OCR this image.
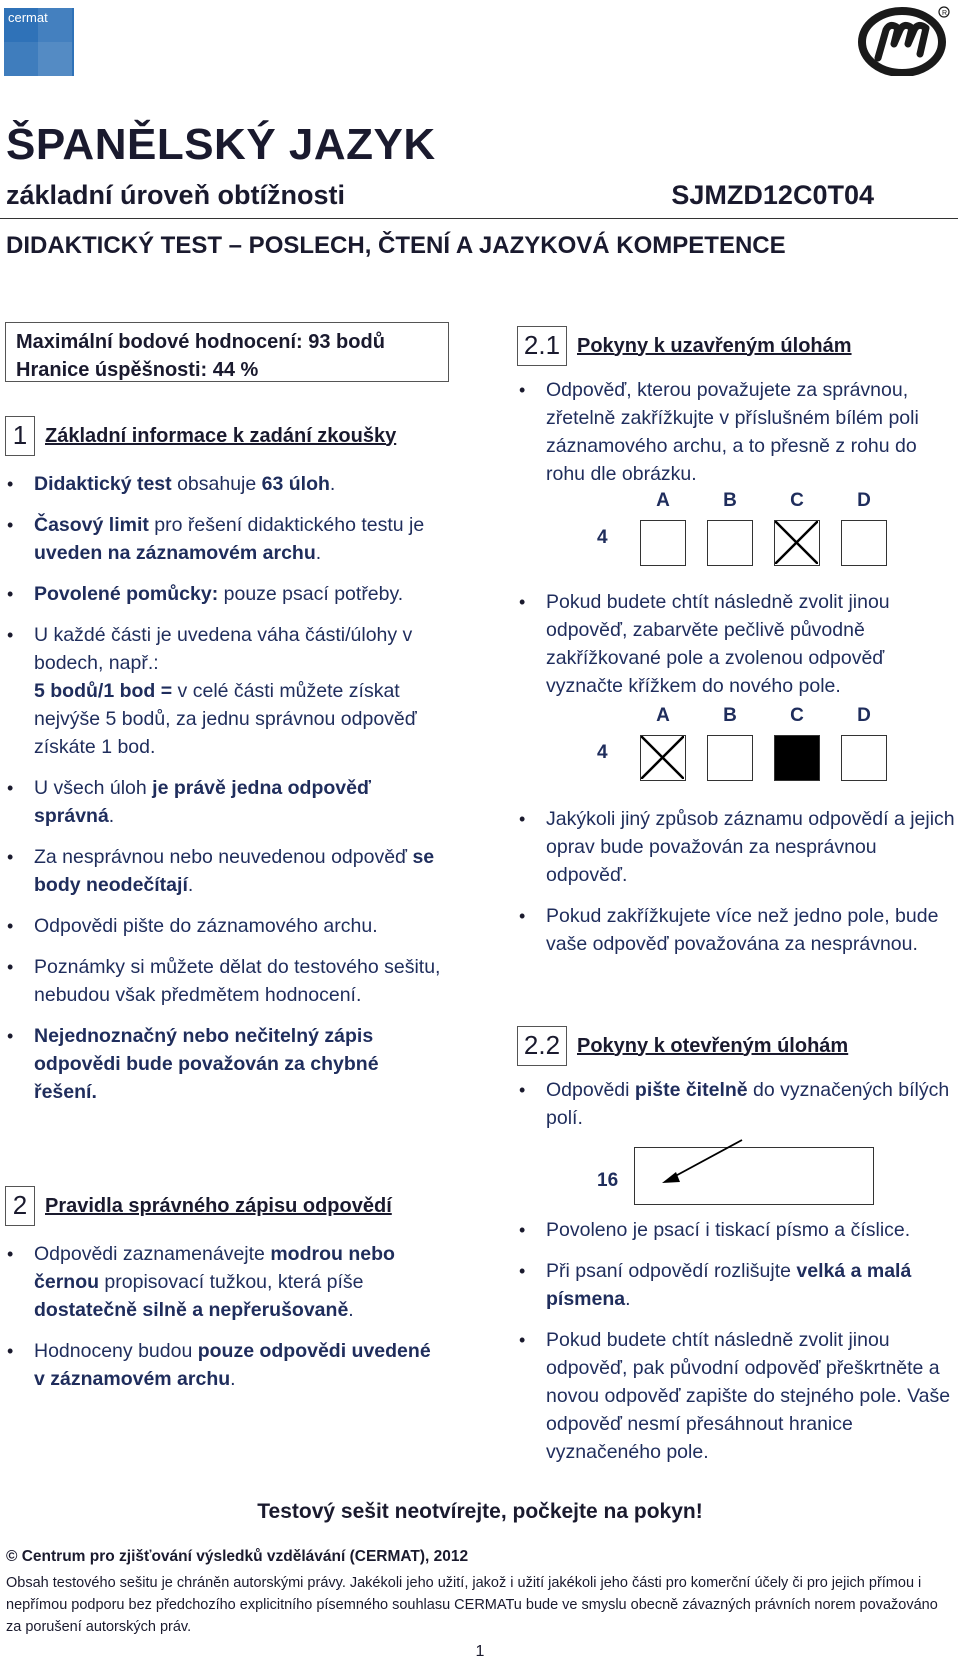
cermat	R
ŠPANĚLSKÝ JAZYK
základní úroveň obtížnosti	SJMZD12C0T04
DIDAKTICKÝ TEST – POSLECH, ČTENÍ A JAZYKOVÁ KOMPETENCE
Maximální bodové hodnocení: 93 bodů
Hranice úspěšnosti: 44 %
1 Základní informace k zadání zkoušky

• Didaktický test obsahuje 63 úloh.

• Časový limit pro řešení didaktického testu je uveden na záznamovém archu.

• Povolené pomůcky: pouze psací potřeby.

• U každé části je uvedena váha části/úlohy v bodech, např.:
5 bodů/1 bod = v celé části můžete získat nejvýše 5 bodů, za jednu správnou odpověď získáte 1 bod.

• U všech úloh je právě jedna odpověď správná.

• Za nesprávnou nebo neuvedenou odpověď se body neodečítají.

• Odpovědi pište do záznamového archu.

• Poznámky si můžete dělat do testového sešitu, nebudou však předmětem hodnocení.

• Nejednoznačný nebo nečitelný zápis odpovědi bude považován za chybné řešení.

2 Pravidla správného zápisu odpovědí

• Odpovědi zaznamenávejte modrou nebo černou propisovací tužkou, která píše dostatečně silně a nepřerušovaně.

• Hodnoceny budou pouze odpovědi uvedené v záznamovém archu.

2.1 Pokyny k uzavřeným úlohám

• Odpověď, kterou považujete za správnou, zřetelně zakřížkujte v příslušném bílém poli záznamového archu, a to přesně z rohu do rohu dle obrázku.

A	B	C	D
4

• Pokud budete chtít následně zvolit jinou odpověď, zabarvěte pečlivě původně zakřížkované pole a zvolenou odpověď vyznačte křížkem do nového pole.

A	B	C	D
4

• Jakýkoli jiný způsob záznamu odpovědí a jejich oprav bude považován za nesprávnou odpověď.

• Pokud zakřížkujete více než jedno pole, bude vaše odpověď považována za nesprávnou.

2.2 Pokyny k otevřeným úlohám

• Odpovědi pište čitelně do vyznačených bílých polí.

16

• Povoleno je psací i tiskací písmo a číslice.

• Při psaní odpovědí rozlišujte velká a malá písmena.

• Pokud budete chtít následně zvolit jinou odpověď, pak původní odpověď přeškrtněte a novou odpověď zapište do stejného pole. Vaše odpověď nesmí přesáhnout hranice vyznačeného pole.

Testový sešit neotvírejte, počkejte na pokyn!
© Centrum pro zjišťování výsledků vzdělávání (CERMAT), 2012
Obsah testového sešitu je chráněn autorskými právy. Jakékoli jeho užití, jakož i užití jakékoli jeho části pro komerční účely či pro jejich přímou i nepřímou podporu bez předchozího explicitního písemného souhlasu CERMATu bude ve smyslu obecně závazných právních norem považováno za porušení autorských práv.
1
